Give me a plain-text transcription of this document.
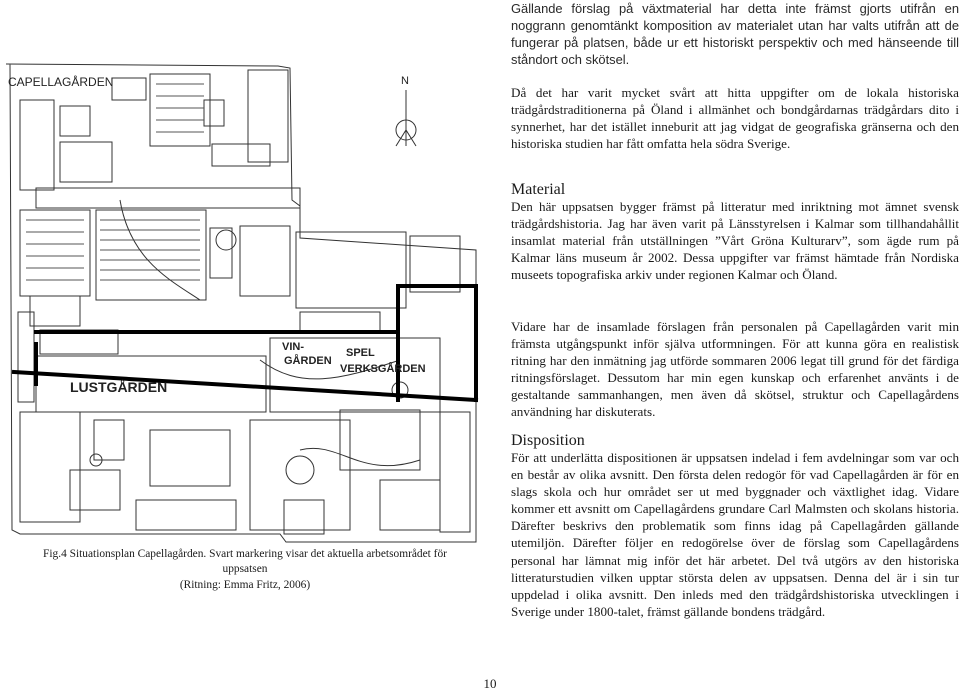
Gällande förslag på växtmaterial har detta inte främst gjorts utifrån en noggrann genomtänkt komposition av materialet utan har valts utifrån att de fungerar på platsen, både ur ett historiskt perspektiv och med hänseende till ståndort och skötsel.

CAPELLAGÅRDEN
LUSTGÅRDEN
VIN-
GÅRDEN
SPEL
VERKSGÅRDEN
N
Fig.4 Situationsplan Capellagården. Svart markering visar det aktuella arbetsområdet för
uppsatsen
(Ritning: Emma Fritz, 2006)

Då det har varit mycket svårt att hitta uppgifter om de lokala historiska trädgårdstraditionerna på Öland i allmänhet och bondgårdarnas trädgårdars dito i synnerhet, har det istället inneburit att jag vidgat de geografiska gränserna och den historiska studien har fått omfatta hela södra Sverige.

Material

Den här uppsatsen bygger främst på litteratur med inriktning mot ämnet svensk trädgårdshistoria. Jag har även varit på Länsstyrelsen i Kalmar som tillhandahållit insamlat material från utställningen ”Vårt Gröna Kulturarv”, som ägde rum på Kalmar läns museum år 2002. Dessa uppgifter var främst hämtade från Nordiska museets topografiska arkiv under regionen Kalmar och Öland.

Vidare har de insamlade förslagen från personalen på Capellagården varit min främsta utgångspunkt inför själva utformningen. För att kunna göra en realistisk ritning har den inmätning jag utförde sommaren 2006 legat till grund för det färdiga ritningsförslaget. Dessutom har min egen kunskap och erfarenhet använts i de gestaltande sammanhangen, men även då skötsel, struktur och Capellagårdens användning har diskuterats.

Disposition

För att underlätta dispositionen är uppsatsen indelad i fem avdelningar som var och en består av olika avsnitt. Den första delen redogör för vad Capellagården är för en slags skola och hur området ser ut med byggnader och växtlighet idag. Vidare kommer ett avsnitt om Capellagårdens grundare Carl Malmsten och skolans historia. Därefter beskrivs den problematik som finns idag på Capellagården gällande utemiljön. Därefter följer en redogörelse över de förslag som Capellagårdens personal har lämnat mig inför det här arbetet. Del två utgörs av den historiska litteraturstudien vilken upptar största delen av uppsatsen. Denna del är i sin tur uppdelad i olika avsnitt. Den inleds med den trädgårdshistoriska utvecklingen i Sverige under 1800-talet, främst gällande bondens trädgård.

10
